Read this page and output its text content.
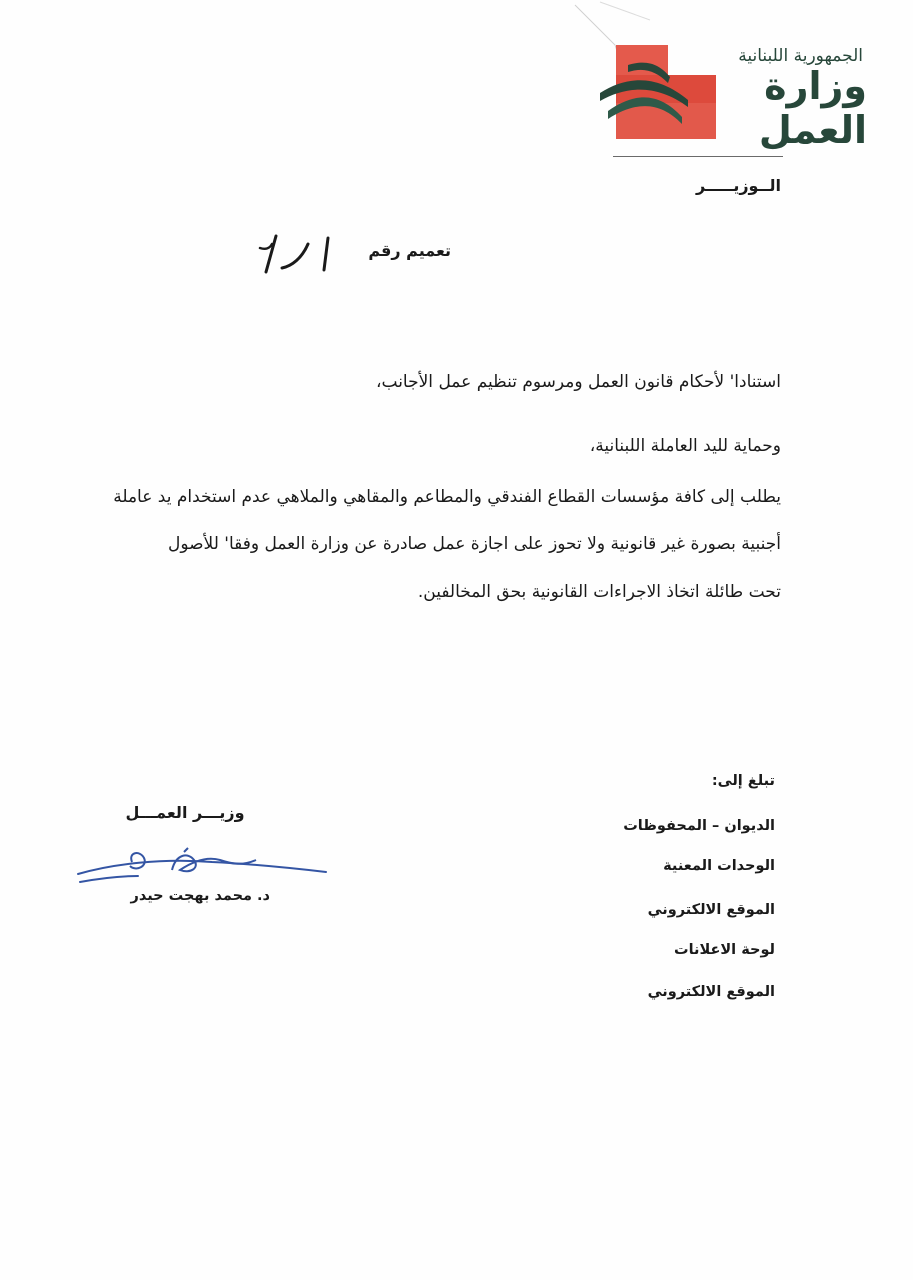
الجمهورية اللبنانية
وزارة العمل
الــوزيـــــر
تعميم رقم
استنادا' لأحكام قانون العمل ومرسوم تنظيم عمل الأجانب،
وحماية لليد العاملة اللبنانية،
يطلب إلى كافة مؤسسات القطاع الفندقي والمطاعم والمقاهي والملاهي عدم استخدام يد عاملة
أجنبية بصورة غير قانونية ولا تحوز على اجازة عمل صادرة عن وزارة العمل وفقا' للأصول
تحت طائلة اتخاذ الاجراءات القانونية بحق المخالفين.
تبلغ إلى:
الديوان – المحفوظات
الوحدات المعنية
الموقع الالكتروني
لوحة الاعلانات
الموقع الالكتروني
وزيـــر العمـــل
د. محمد بهجت حيدر
